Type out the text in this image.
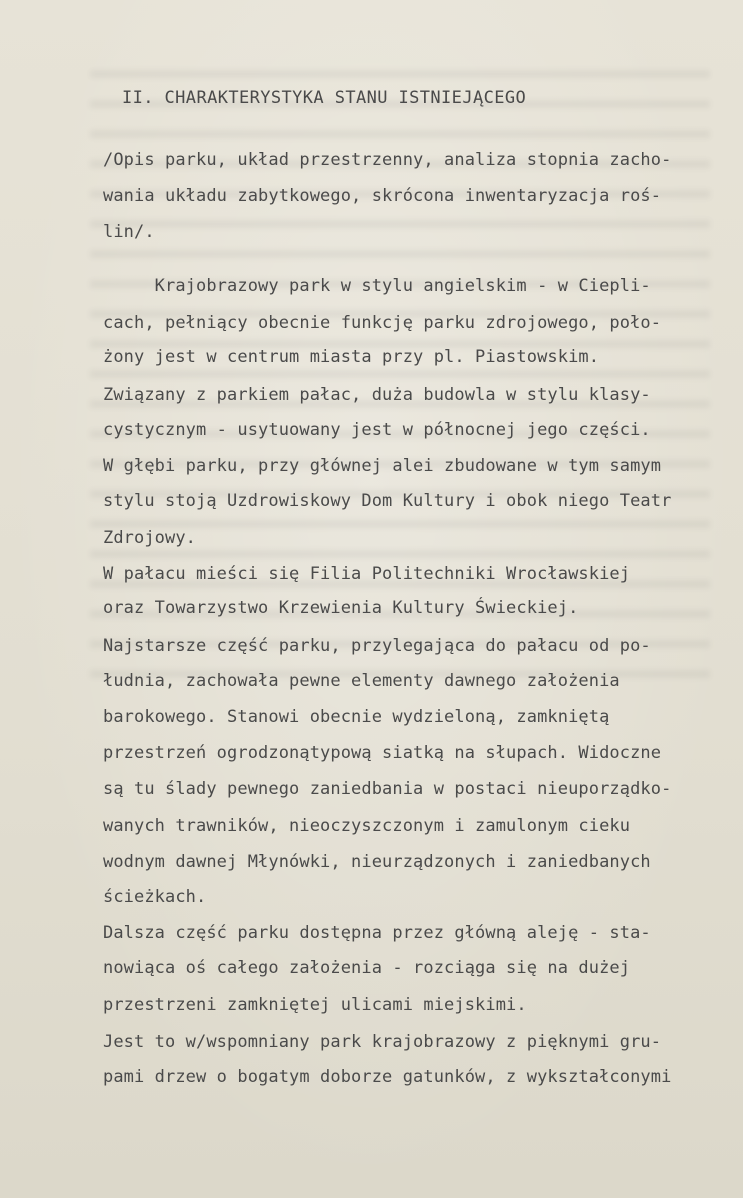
II. CHARAKTERYSTYKA STANU ISTNIEJĄCEGO
/Opis parku, układ przestrzenny, analiza stopnia zacho-
wania układu zabytkowego, skrócona inwentaryzacja roś-
lin/.
Krajobrazowy park w stylu angielskim - w Ciepli-
cach, pełniący obecnie funkcję parku zdrojowego, poło-
żony jest w centrum miasta przy pl. Piastowskim.
Związany z parkiem pałac, duża budowla w stylu klasy-
cystycznym - usytuowany jest w północnej jego części.
W głębi parku, przy głównej alei zbudowane w tym samym
stylu stoją Uzdrowiskowy Dom Kultury i obok niego Teatr
Zdrojowy.
W pałacu mieści się Filia Politechniki Wrocławskiej
oraz Towarzystwo Krzewienia Kultury Świeckiej.
Najstarsze część parku, przylegająca do pałacu od po-
łudnia, zachowała pewne elementy dawnego założenia
barokowego. Stanowi obecnie wydzieloną, zamkniętą
przestrzeń ogrodzonątypową siatką na słupach. Widoczne
są tu ślady pewnego zaniedbania w postaci nieuporządko-
wanych trawników, nieoczyszczonym i zamulonym cieku
wodnym dawnej Młynówki, nieurządzonych i zaniedbanych
ścieżkach.
Dalsza część parku dostępna przez główną aleję - sta-
nowiąca oś całego założenia - rozciąga się na dużej
przestrzeni zamkniętej ulicami miejskimi.
Jest to w/wspomniany park krajobrazowy z pięknymi gru-
pami drzew o bogatym doborze gatunków, z wykształconymi
